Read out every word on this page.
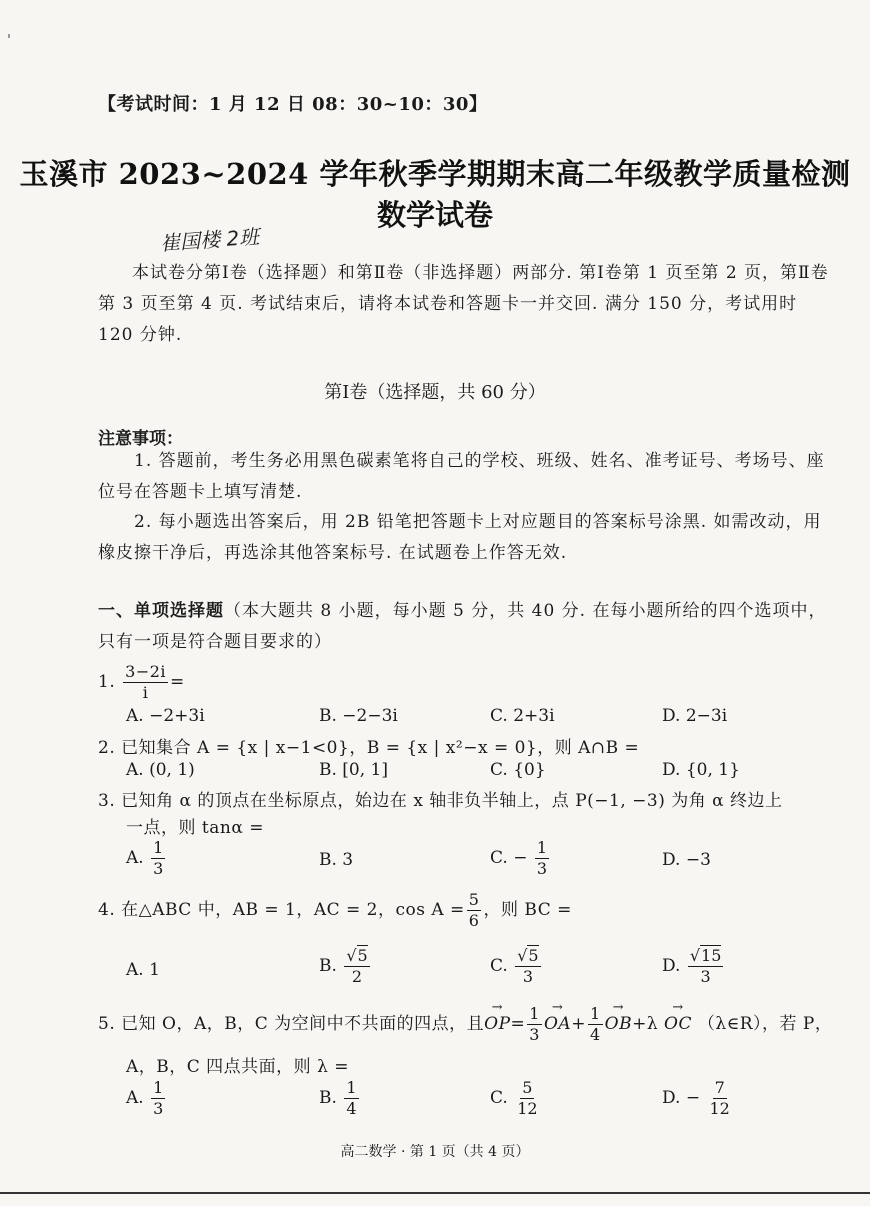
【考试时间：1 月 12 日 08：30~10：30】
玉溪市 2023~2024 学年秋季学期期末高二年级教学质量检测
数学试卷
崔国楼 2班
本试卷分第Ⅰ卷（选择题）和第Ⅱ卷（非选择题）两部分. 第Ⅰ卷第 1 页至第 2 页，第Ⅱ卷第 3 页至第 4 页. 考试结束后，请将本试卷和答题卡一并交回. 满分 150 分，考试用时 120 分钟.
第Ⅰ卷（选择题，共 60 分）
注意事项：
1. 答题前，考生务必用黑色碳素笔将自己的学校、班级、姓名、准考证号、考场号、座位号在答题卡上填写清楚.
2. 每小题选出答案后，用 2B 铅笔把答题卡上对应题目的答案标号涂黑. 如需改动，用橡皮擦干净后，再选涂其他答案标号. 在试题卷上作答无效.
一、单项选择题（本大题共 8 小题，每小题 5 分，共 40 分. 在每小题所给的四个选项中，只有一项是符合题目要求的）
1. $\frac{3-2i}{i}$ =
A. −2+3i	B. −2−3i	C. 2+3i	D. 2−3i
2. 已知集合 A = {x | x−1<0}，B = {x | x²−x = 0}，则 A∩B =
A. (0, 1)	B. [0, 1]	C. {0}	D. {0, 1}
3. 已知角 α 的顶点在坐标原点，始边在 x 轴非负半轴上，点 P(−1, −3) 为角 α 终边上
一点，则 tanα =
A. $\frac{1}{3}$	B. 3	C. − $\frac{1}{3}$	D. −3
4. 在△ABC 中，AB = 1，AC = 2，$\cos A = \frac{5}{6}$ ，则 BC =
A. 1	B. $\frac{√5}{2}$	C. $\frac{√5}{3}$	D. $\frac{√15}{3}$
5. 已知 O，A，B，C 为空间中不共面的四点，且→ $OP= \frac{1}{3}$
→ $OA+ \frac{1}{4}$
→ OB+λ → OC （λ∈R），若 P，
A，B，C 四点共面，则 λ =
A. $\frac{1}{3}$	B. $\frac{1}{4}$	C. $\frac{5}{12}$	D. − $\frac{7}{12}$
高二数学 · 第 1 页（共 4 页）
